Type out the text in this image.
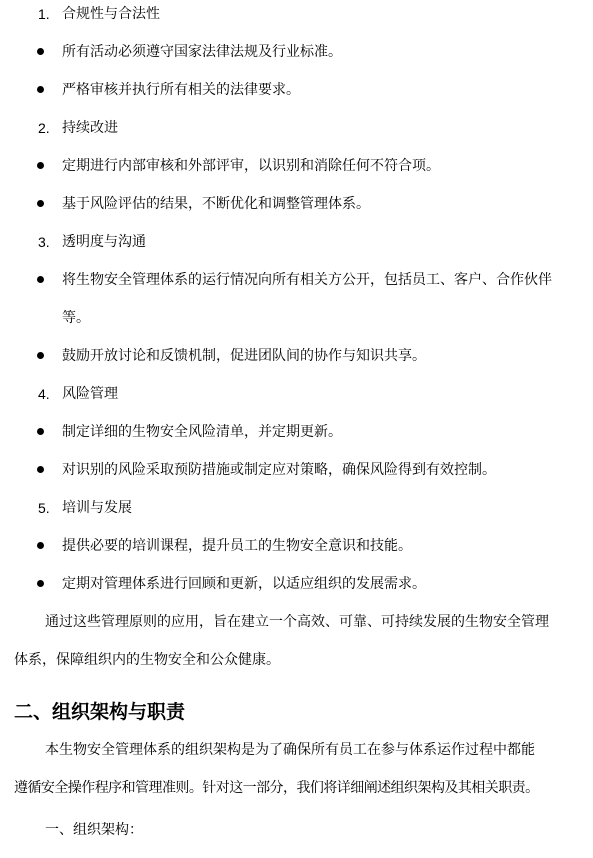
1. 合规性与合法性
所有活动必须遵守国家法律法规及行业标准。
严格审核并执行所有相关的法律要求。
2. 持续改进
定期进行内部审核和外部评审，以识别和消除任何不符合项。
基于风险评估的结果，不断优化和调整管理体系。
3. 透明度与沟通
将生物安全管理体系的运行情况向所有相关方公开，包括员工、客户、合作伙伴
等。
鼓励开放讨论和反馈机制，促进团队间的协作与知识共享。
4. 风险管理
制定详细的生物安全风险清单，并定期更新。
对识别的风险采取预防措施或制定应对策略，确保风险得到有效控制。
5. 培训与发展
提供必要的培训课程，提升员工的生物安全意识和技能。
定期对管理体系进行回顾和更新，以适应组织的发展需求。
通过这些管理原则的应用，旨在建立一个高效、可靠、可持续发展的生物安全管理
体系，保障组织内的生物安全和公众健康。
二、组织架构与职责
本生物安全管理体系的组织架构是为了确保所有员工在参与体系运作过程中都能
遵循安全操作程序和管理准则。针对这一部分，我们将详细阐述组织架构及其相关职责。
一、组织架构：
